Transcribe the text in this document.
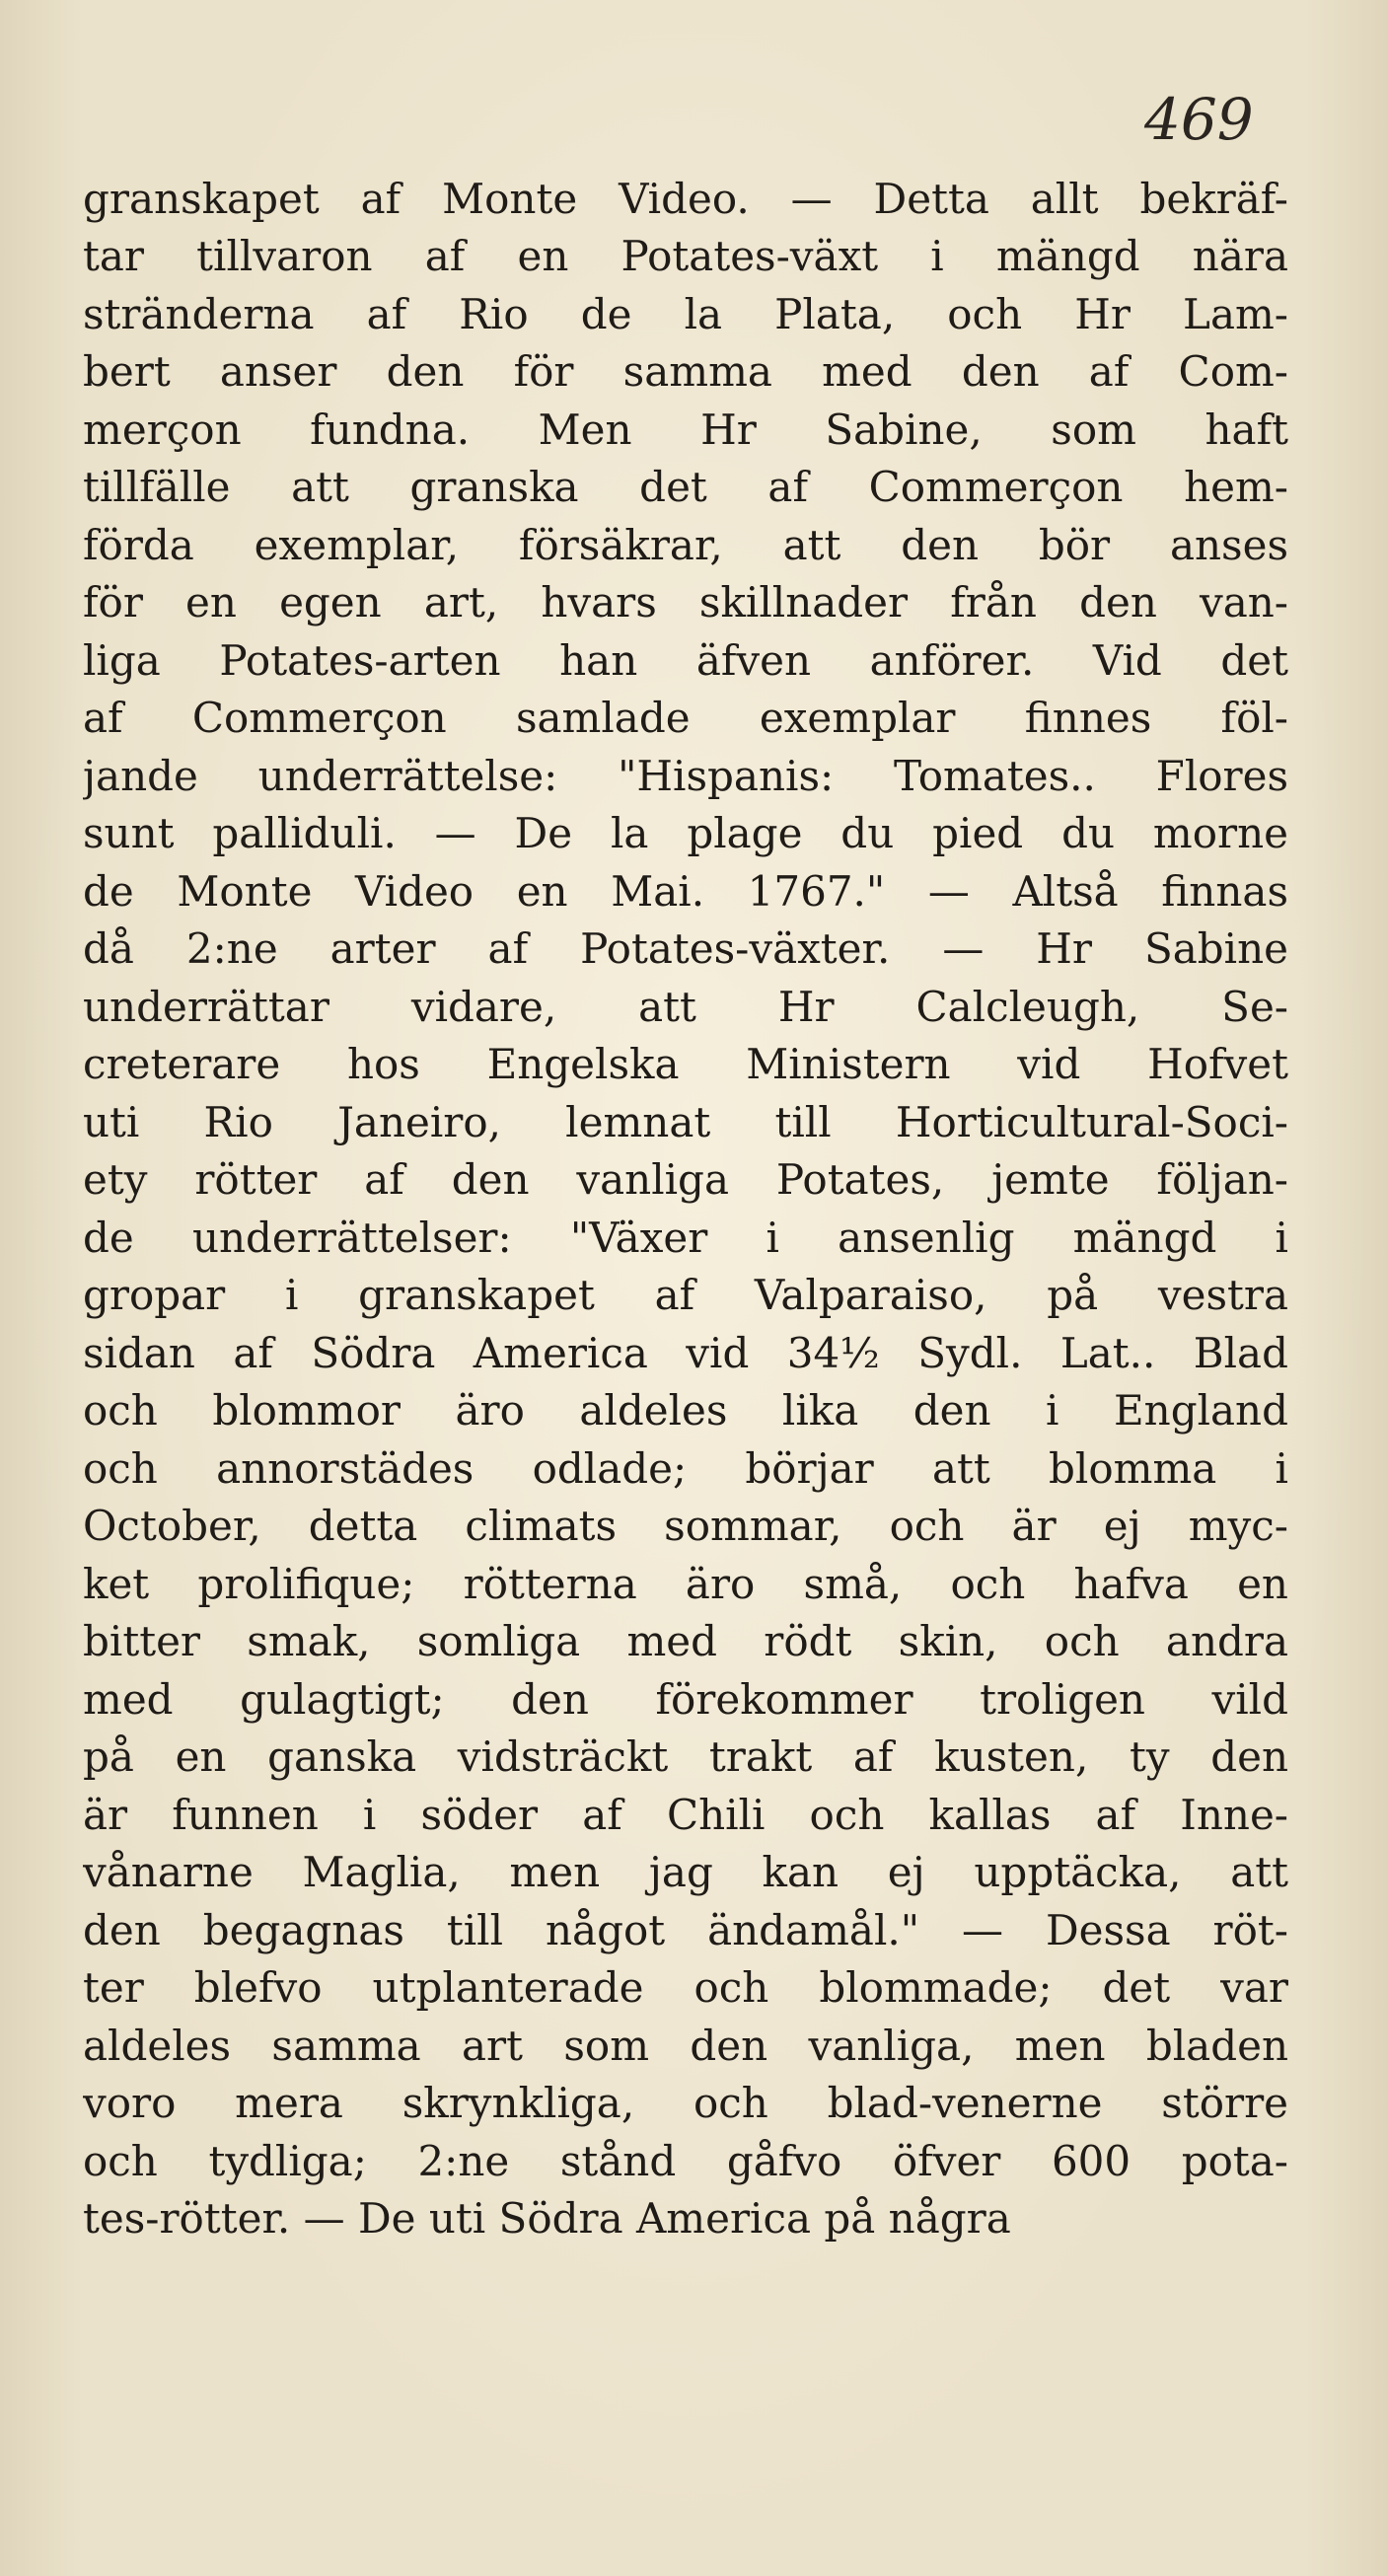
469
granskapet af Monte Video. — Detta allt bekräf-
tar tillvaron af en Potates-växt i mängd nära
stränderna af Rio de la Plata, och Hr Lam-
bert anser den för samma med den af Com-
merçon fundna. Men Hr Sabine, som haft
tillfälle att granska det af Commerçon hem-
förda exemplar, försäkrar, att den bör anses
för en egen art, hvars skillnader från den van-
liga Potates-arten han äfven anförer. Vid det
af Commerçon samlade exemplar finnes föl-
jande underrättelse: "Hispanis: Tomates.. Flores
sunt palliduli. — De la plage du pied du morne
de Monte Video en Mai. 1767." — Altså finnas
då 2:ne arter af Potates-växter. — Hr Sabine
underrättar vidare, att Hr Calcleugh, Se-
creterare hos Engelska Ministern vid Hofvet
uti Rio Janeiro, lemnat till Horticultural-Soci-
ety rötter af den vanliga Potates, jemte följan-
de underrättelser: "Växer i ansenlig mängd i
gropar i granskapet af Valparaiso, på vestra
sidan af Södra America vid 34½ Sydl. Lat.. Blad
och blommor äro aldeles lika den i England
och annorstädes odlade; börjar att blomma i
October, detta climats sommar, och är ej myc-
ket prolifique; rötterna äro små, och hafva en
bitter smak, somliga med rödt skin, och andra
med gulagtigt; den förekommer troligen vild
på en ganska vidsträckt trakt af kusten, ty den
är funnen i söder af Chili och kallas af Inne-
vånarne Maglia, men jag kan ej upptäcka, att
den begagnas till något ändamål." — Dessa röt-
ter blefvo utplanterade och blommade; det var
aldeles samma art som den vanliga, men bladen
voro mera skrynkliga, och blad-venerne större
och tydliga; 2:ne stånd gåfvo öfver 600 pota-
tes-rötter. — De uti Södra America på några
